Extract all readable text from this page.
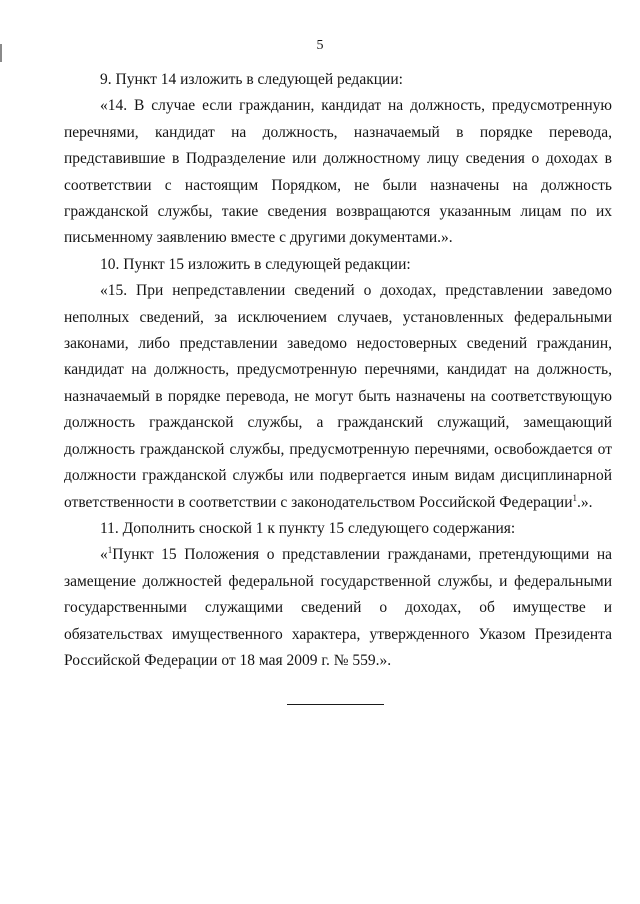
5

9. Пункт 14 изложить в следующей редакции:

«14. В случае если гражданин, кандидат на должность, предусмотренную перечнями, кандидат на должность, назначаемый в порядке перевода, представившие в Подразделение или должностному лицу сведения о доходах в соответствии с настоящим Порядком, не были назначены на должность гражданской службы, такие сведения возвращаются указанным лицам по их письменному заявлению вместе с другими документами.».

10. Пункт 15 изложить в следующей редакции:

«15. При непредставлении сведений о доходах, представлении заведомо неполных сведений, за исключением случаев, установленных федеральными законами, либо представлении заведомо недостоверных сведений гражданин, кандидат на должность, предусмотренную перечнями, кандидат на должность, назначаемый в порядке перевода, не могут быть назначены на соответствующую должность гражданской службы, а гражданский служащий, замещающий должность гражданской службы, предусмотренную перечнями, освобождается от должности гражданской службы или подвергается иным видам дисциплинарной ответственности в соответствии с законодательством Российской Федерации$^1$.».

11. Дополнить сноской 1 к пункту 15 следующего содержания:

«$^1$Пункт 15 Положения о представлении гражданами, претендующими на замещение должностей федеральной государственной службы, и федеральными государственными служащими сведений о доходах, об имуществе и обязательствах имущественного характера, утвержденного Указом Президента Российской Федерации от 18 мая 2009 г. № 559.».
